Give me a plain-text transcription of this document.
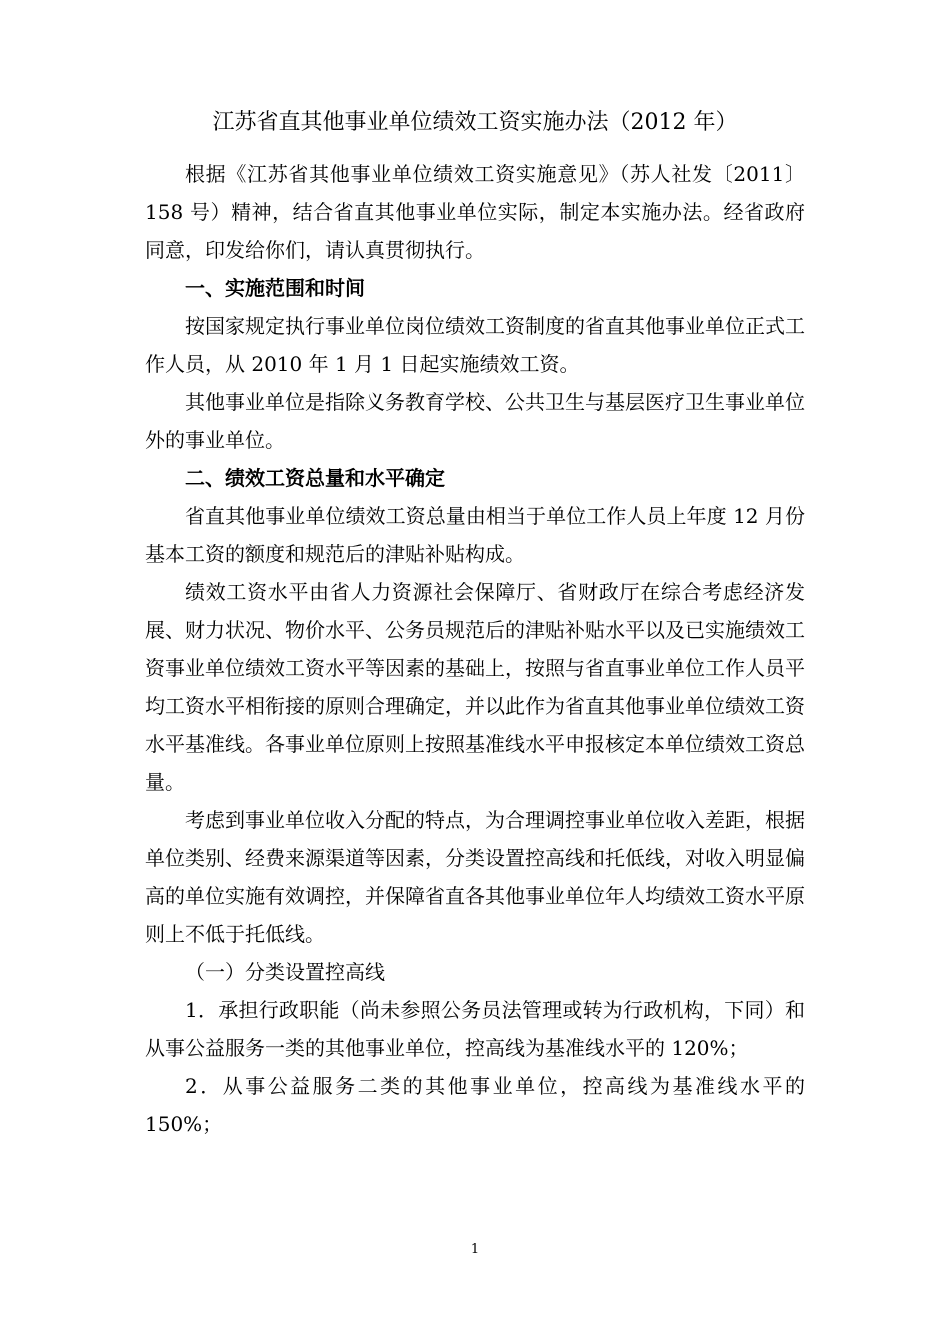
江苏省直其他事业单位绩效工资实施办法（2012 年）

根据《江苏省其他事业单位绩效工资实施意见》（苏人社发〔2011〕158 号）精神，结合省直其他事业单位实际，制定本实施办法。经省政府同意，印发给你们，请认真贯彻执行。

一、实施范围和时间

按国家规定执行事业单位岗位绩效工资制度的省直其他事业单位正式工作人员，从 2010 年 1 月 1 日起实施绩效工资。

其他事业单位是指除义务教育学校、公共卫生与基层医疗卫生事业单位外的事业单位。

二、绩效工资总量和水平确定

省直其他事业单位绩效工资总量由相当于单位工作人员上年度 12 月份基本工资的额度和规范后的津贴补贴构成。

绩效工资水平由省人力资源社会保障厅、省财政厅在综合考虑经济发展、财力状况、物价水平、公务员规范后的津贴补贴水平以及已实施绩效工资事业单位绩效工资水平等因素的基础上，按照与省直事业单位工作人员平均工资水平相衔接的原则合理确定，并以此作为省直其他事业单位绩效工资水平基准线。各事业单位原则上按照基准线水平申报核定本单位绩效工资总量。

考虑到事业单位收入分配的特点，为合理调控事业单位收入差距，根据单位类别、经费来源渠道等因素，分类设置控高线和托低线，对收入明显偏高的单位实施有效调控，并保障省直各其他事业单位年人均绩效工资水平原则上不低于托低线。

（一）分类设置控高线

1．承担行政职能（尚未参照公务员法管理或转为行政机构，下同）和从事公益服务一类的其他事业单位，控高线为基准线水平的 120%；

2．从事公益服务二类的其他事业单位，控高线为基准线水平的 150%；

1
